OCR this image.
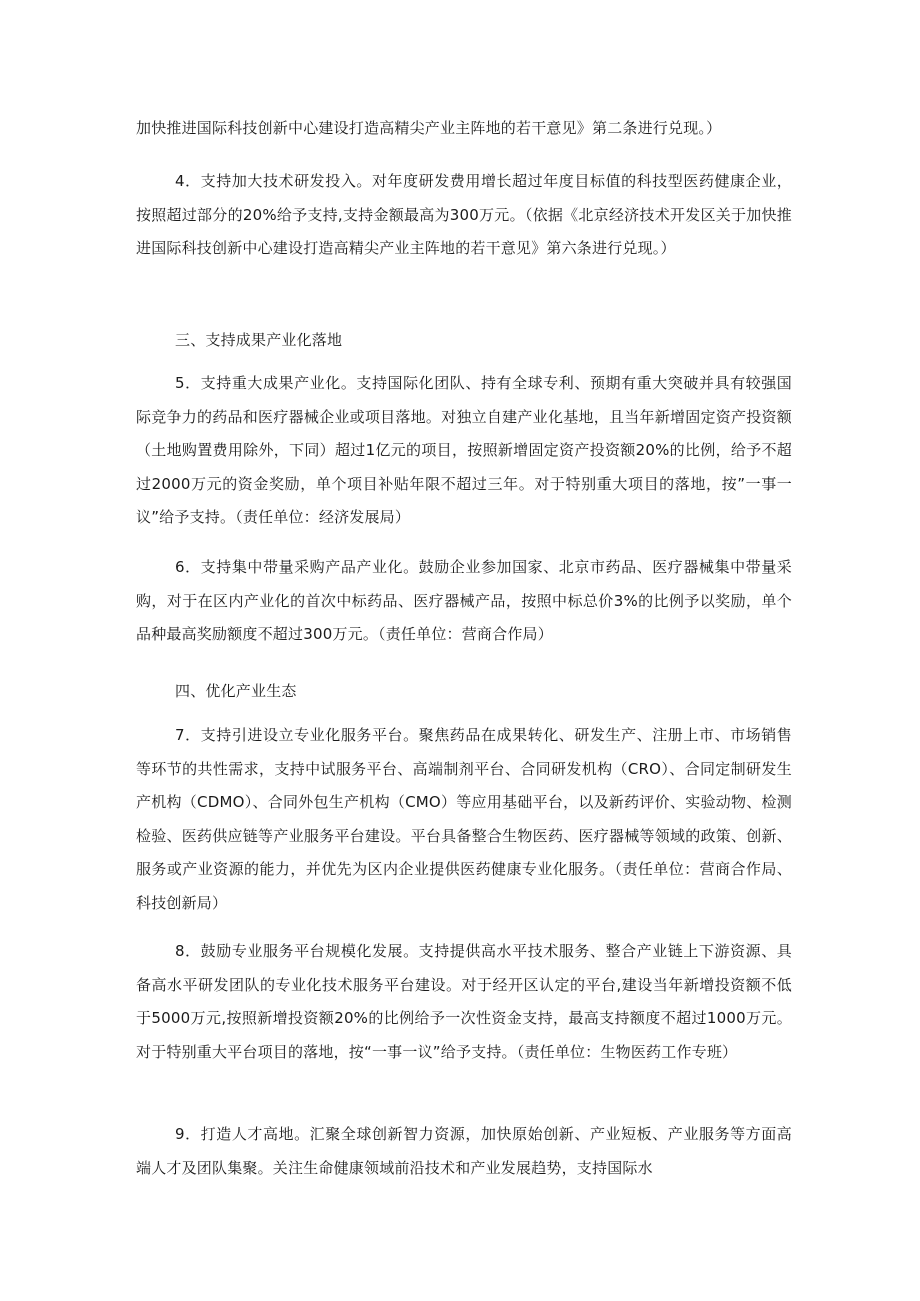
加快推进国际科技创新中心建设打造高精尖产业主阵地的若干意见》第二条进行兑现。）

4．支持加大技术研发投入。对年度研发费用增长超过年度目标值的科技型医药健康企业，按照超过部分的20%给予支持,支持金额最高为300万元。（依据《北京经济技术开发区关于加快推进国际科技创新中心建设打造高精尖产业主阵地的若干意见》第六条进行兑现。）

三、支持成果产业化落地

5．支持重大成果产业化。支持国际化团队、持有全球专利、预期有重大突破并具有较强国际竞争力的药品和医疗器械企业或项目落地。对独立自建产业化基地，且当年新增固定资产投资额（土地购置费用除外，下同）超过1亿元的项目，按照新增固定资产投资额20%的比例，给予不超过2000万元的资金奖励，单个项目补贴年限不超过三年。对于特别重大项目的落地，按”一事一议”给予支持。（责任单位：经济发展局）

6．支持集中带量采购产品产业化。鼓励企业参加国家、北京市药品、医疗器械集中带量采购，对于在区内产业化的首次中标药品、医疗器械产品，按照中标总价3%的比例予以奖励，单个品种最高奖励额度不超过300万元。（责任单位：营商合作局）

四、优化产业生态

7．支持引进设立专业化服务平台。聚焦药品在成果转化、研发生产、注册上市、市场销售等环节的共性需求，支持中试服务平台、高端制剂平台、合同研发机构（CRO）、合同定制研发生产机构（CDMO）、合同外包生产机构（CMO）等应用基础平台，以及新药评价、实验动物、检测检验、医药供应链等产业服务平台建设。平台具备整合生物医药、医疗器械等领域的政策、创新、服务或产业资源的能力，并优先为区内企业提供医药健康专业化服务。（责任单位：营商合作局、科技创新局）

8．鼓励专业服务平台规模化发展。支持提供高水平技术服务、整合产业链上下游资源、具备高水平研发团队的专业化技术服务平台建设。对于经开区认定的平台,建设当年新增投资额不低于5000万元,按照新增投资额20%的比例给予一次性资金支持，最高支持额度不超过1000万元。对于特别重大平台项目的落地，按“一事一议”给予支持。（责任单位：生物医药工作专班）

9．打造人才高地。汇聚全球创新智力资源，加快原始创新、产业短板、产业服务等方面高端人才及团队集聚。关注生命健康领域前沿技术和产业发展趋势，支持国际水
